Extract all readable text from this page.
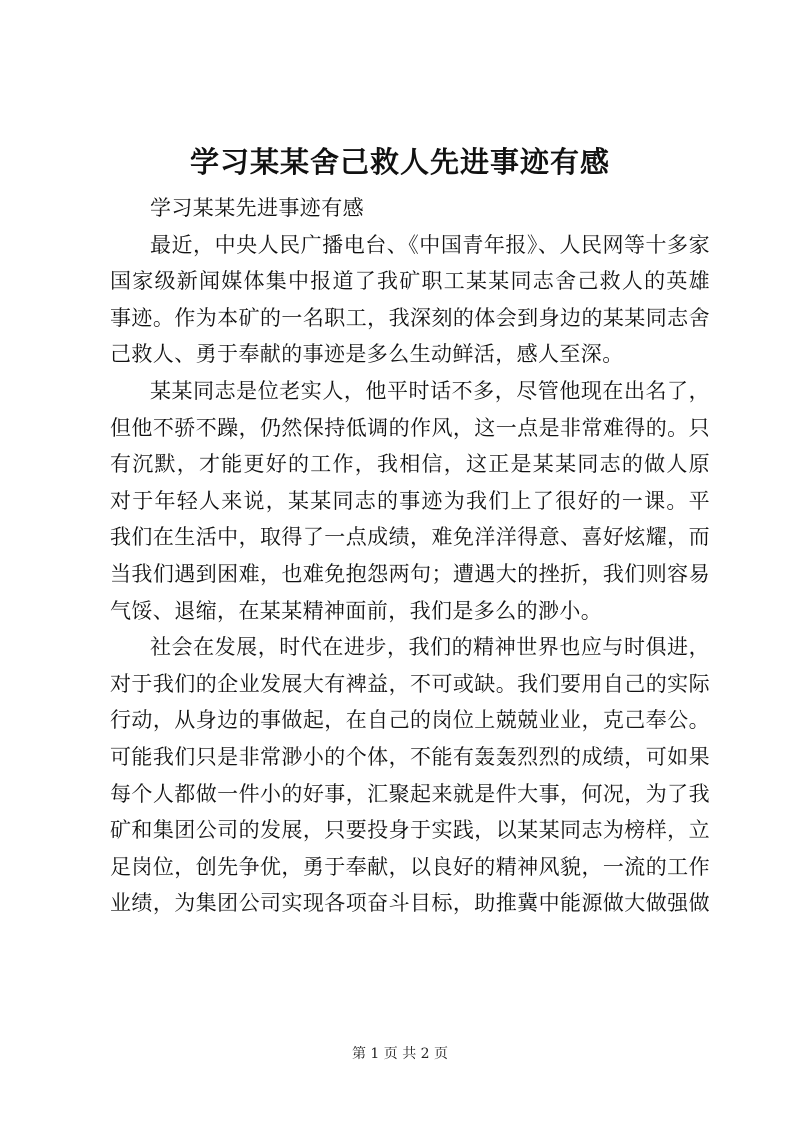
学习某某舍己救人先进事迹有感
学习某某先进事迹有感
最近，中央人民广播电台、《中国青年报》、人民网等十多家
国家级新闻媒体集中报道了我矿职工某某同志舍己救人的英雄
事迹。作为本矿的一名职工，我深刻的体会到身边的某某同志舍
己救人、勇于奉献的事迹是多么生动鲜活，感人至深。
某某同志是位老实人，他平时话不多，尽管他现在出名了，
但他不骄不躁，仍然保持低调的作风，这一点是非常难得的。只
有沉默，才能更好的工作，我相信，这正是某某同志的做人原
对于年轻人来说，某某同志的事迹为我们上了很好的一课。平
我们在生活中，取得了一点成绩，难免洋洋得意、喜好炫耀，而
当我们遇到困难，也难免抱怨两句；遭遇大的挫折，我们则容易
气馁、退缩，在某某精神面前，我们是多么的渺小。
社会在发展，时代在进步，我们的精神世界也应与时俱进，
对于我们的企业发展大有裨益，不可或缺。我们要用自己的实际
行动，从身边的事做起，在自己的岗位上兢兢业业，克己奉公。
可能我们只是非常渺小的个体，不能有轰轰烈烈的成绩，可如果
每个人都做一件小的好事，汇聚起来就是件大事，何况，为了我
矿和集团公司的发展，只要投身于实践，以某某同志为榜样，立
足岗位，创先争优，勇于奉献，以良好的精神风貌，一流的工作
业绩，为集团公司实现各项奋斗目标，助推冀中能源做大做强做
第 1 页 共 2 页
